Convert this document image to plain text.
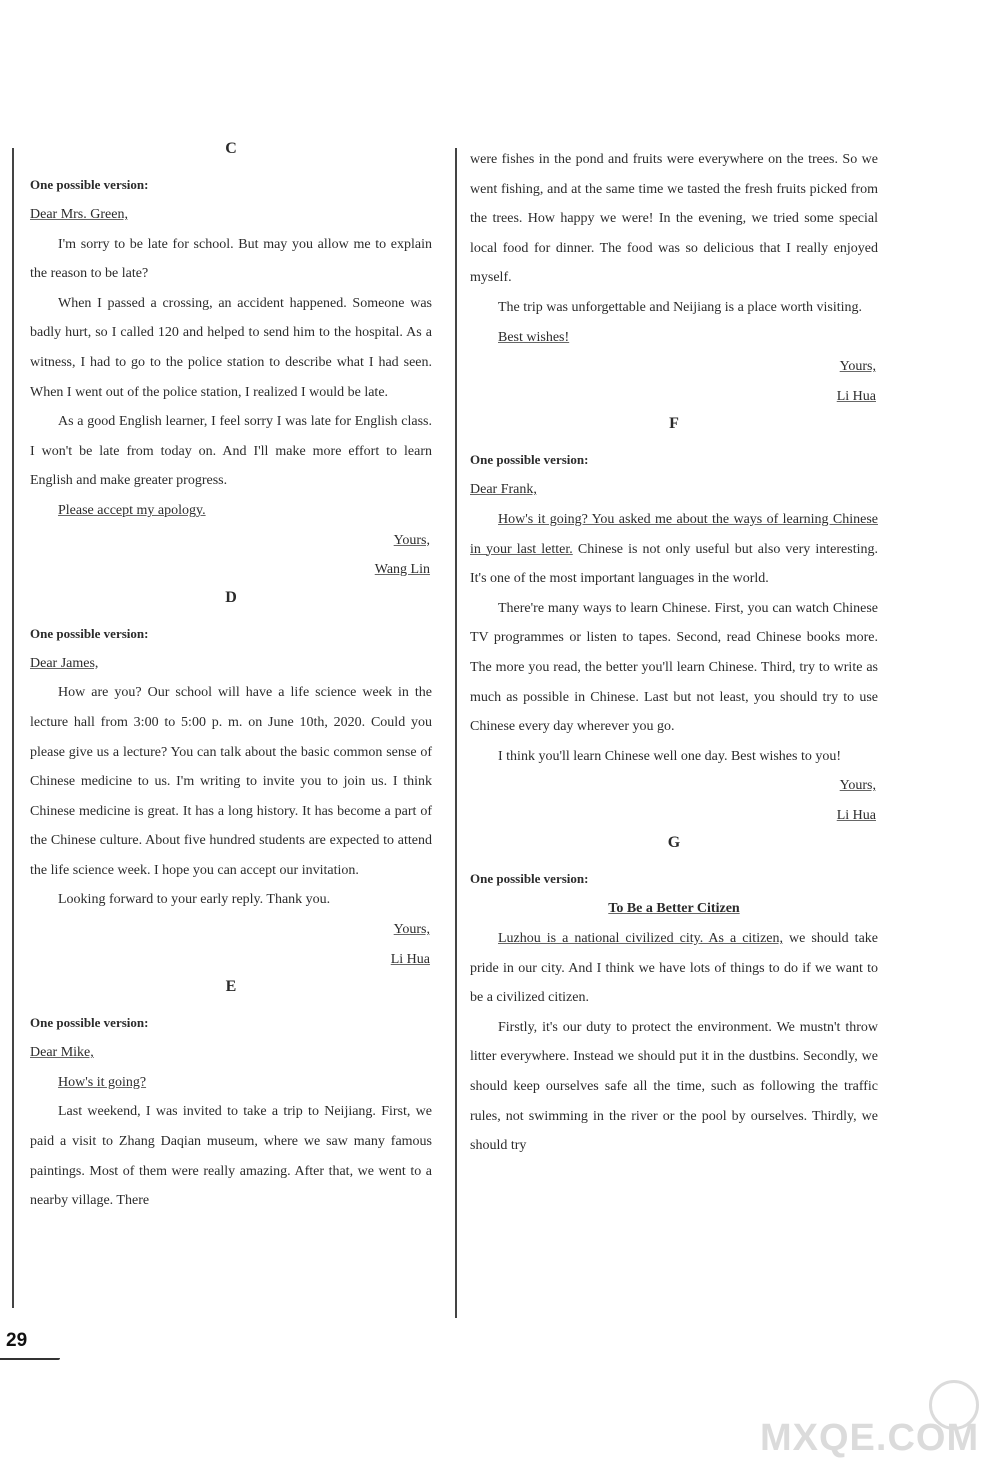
C
One possible version:

Dear Mrs. Green,

I'm sorry to be late for school. But may you allow me to explain the reason to be late?

When I passed a crossing, an accident happened. Someone was badly hurt, so I called 120 and helped to send him to the hospital. As a witness, I had to go to the police station to describe what I had seen. When I went out of the police station, I realized I would be late.

As a good English learner, I feel sorry I was late for English class. I won't be late from today on. And I'll make more effort to learn English and make greater progress.

Please accept my apology.

Yours,

Wang Lin

D
One possible version:

Dear James,

How are you? Our school will have a life science week in the lecture hall from 3:00 to 5:00 p. m. on June 10th, 2020. Could you please give us a lecture? You can talk about the basic common sense of Chinese medicine to us. I'm writing to invite you to join us. I think Chinese medicine is great. It has a long history. It has become a part of the Chinese culture. About five hundred students are expected to attend the life science week. I hope you can accept our invitation.

Looking forward to your early reply. Thank you.

Yours,

Li Hua

E
One possible version:

Dear Mike,

How's it going?

Last weekend, I was invited to take a trip to Neijiang. First, we paid a visit to Zhang Daqian museum, where we saw many famous paintings. Most of them were really amazing. After that, we went to a nearby village. There

were fishes in the pond and fruits were everywhere on the trees. So we went fishing, and at the same time we tasted the fresh fruits picked from the trees. How happy we were! In the evening, we tried some special local food for dinner. The food was so delicious that I really enjoyed myself.

The trip was unforgettable and Neijiang is a place worth visiting.

Best wishes!

Yours,

Li Hua

F
One possible version:

Dear Frank,

How's it going? You asked me about the ways of learning Chinese in your last letter. Chinese is not only useful but also very interesting. It's one of the most important languages in the world.

There're many ways to learn Chinese. First, you can watch Chinese TV programmes or listen to tapes. Second, read Chinese books more. The more you read, the better you'll learn Chinese. Third, try to write as much as possible in Chinese. Last but not least, you should try to use Chinese every day wherever you go.

I think you'll learn Chinese well one day. Best wishes to you!

Yours,

Li Hua

G
One possible version:

To Be a Better Citizen

Luzhou is a national civilized city. As a citizen, we should take pride in our city. And I think we have lots of things to do if we want to be a civilized citizen.

Firstly, it's our duty to protect the environment. We mustn't throw litter everywhere. Instead we should put it in the dustbins. Secondly, we should keep ourselves safe all the time, such as following the traffic rules, not swimming in the river or the pool by ourselves. Thirdly, we should try

29
MXQE.COM
